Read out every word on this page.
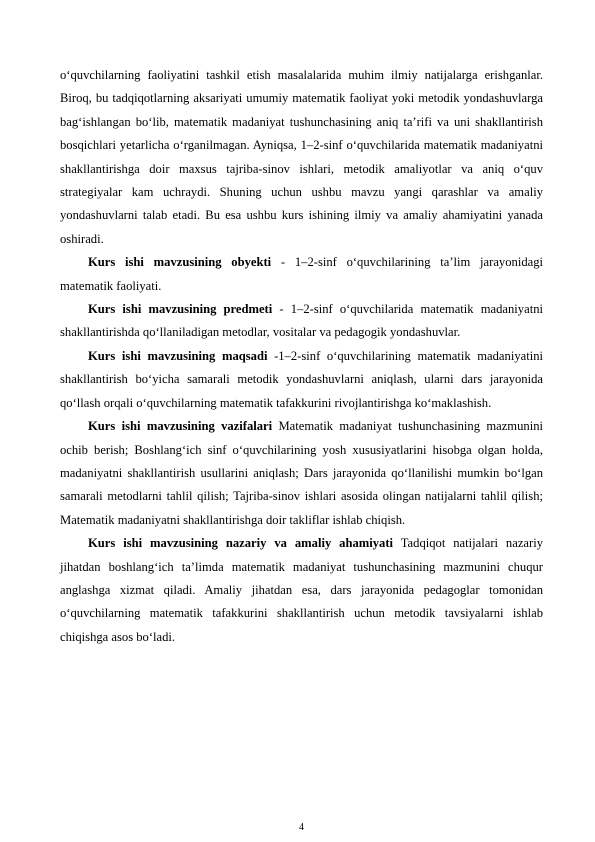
o‘quvchilarning faoliyatini tashkil etish masalalarida muhim ilmiy natijalarga erishganlar. Biroq, bu tadqiqotlarning aksariyati umumiy matematik faoliyat yoki metodik yondashuvlarga bag‘ishlangan bo‘lib, matematik madaniyat tushunchasining aniq ta’rifi va uni shakllantirish bosqichlari yetarlicha o‘rganilmagan. Ayniqsa, 1–2-sinf o‘quvchilarida matematik madaniyatni shakllantirishga doir maxsus tajriba-sinov ishlari, metodik amaliyotlar va aniq o‘quv strategiyalar kam uchraydi. Shuning uchun ushbu mavzu yangi qarashlar va amaliy yondashuvlarni talab etadi. Bu esa ushbu kurs ishining ilmiy va amaliy ahamiyatini yanada oshiradi.

Kurs ishi mavzusining obyekti - 1–2-sinf o‘quvchilarining ta’lim jarayonidagi matematik faoliyati.

Kurs ishi mavzusining predmeti - 1–2-sinf o‘quvchilarida matematik madaniyatni shakllantirishda qo‘llaniladigan metodlar, vositalar va pedagogik yondashuvlar.

Kurs ishi mavzusining maqsadi -1–2-sinf o‘quvchilarining matematik madaniyatini shakllantirish bo‘yicha samarali metodik yondashuvlarni aniqlash, ularni dars jarayonida qo‘llash orqali o‘quvchilarning matematik tafakkurini rivojlantirishga ko‘maklashish.

Kurs ishi mavzusining vazifalari Matematik madaniyat tushunchasining mazmunini ochib berish; Boshlang‘ich sinf o‘quvchilarining yosh xususiyatlarini hisobga olgan holda, madaniyatni shakllantirish usullarini aniqlash; Dars jarayonida qo‘llanilishi mumkin bo‘lgan samarali metodlarni tahlil qilish; Tajriba-sinov ishlari asosida olingan natijalarni tahlil qilish; Matematik madaniyatni shakllantirishga doir takliflar ishlab chiqish.

Kurs ishi mavzusining nazariy va amaliy ahamiyati Tadqiqot natijalari nazariy jihatdan boshlang‘ich ta’limda matematik madaniyat tushunchasining mazmunini chuqur anglashga xizmat qiladi. Amaliy jihatdan esa, dars jarayonida pedagoglar tomonidan o‘quvchilarning matematik tafakkurini shakllantirish uchun metodik tavsiyalarni ishlab chiqishga asos bo‘ladi.

4
